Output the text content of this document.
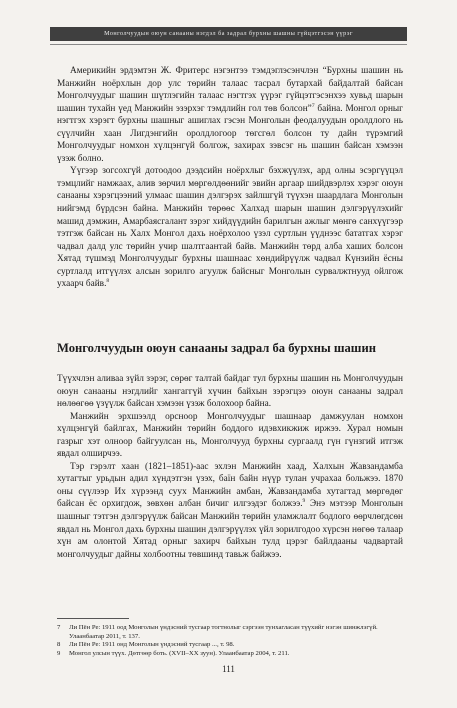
Монголчуудын оюун санааны нэгдэл ба задрал бурхны шашны гүйцэтгэсэн үүрэг

Америкийн эрдэмтэн Ж. Фритерс нэгэнтээ тэмдэглэсэнчлэн “Бурхны шашин нь Манжийн ноёрхлын дор улс төрийн талаас тасрал бутархай байдалтай байсан Монголчуудыг шашин шүтлэгийн талаас нэгтгэх үүрэг гүйцэтгэсэнхээ хувьд шарын шашин тухайн үед Манжийн эзэрхэг тэмдлийн гол төв болсон”$^7$ байна. Монгол орныг нэгтгэх хэрэгт бурхны шашныг ашиглах гэсэн Монголын феодалуудын оролдлого нь сүүлчийн хаан Лигдэнгийн оролдлогоор төгсгөл болсон ту дайн түрэмгий Монголчуудыг номхон хүлцэнгүй болгож, захирах зэвсэг нь шашин байсан хэмээн үзэж болно.

Үүгээр зогсохгүй дотоодоо дээдсийн ноёрхлыг бэхжүүлэх, ард олны эсэргүүцэл тэмцлийг намжаах, алив зөрчил мөргөлдөөнийг эвийн аргаар шийдвэрлэх хэрэг оюун санааны хэрэгцээний улмаас шашин дэлгэрэх зайлшгүй түүхэн шаардлага Монголын нийгэмд бүрдсэн байна. Манжийн төрөөс Халхад шарын шашин дэлгэрүүлэхийг машид дэмжин, Амарбаясгалант зэрэг хийдүүдийн барилгын ажлыг мөнгө санхүүгээр тэтгэж байсан нь Халх Монгол дахь ноёрхолоо үзэл суртлын үүднээс бататгах хэрэг чадвал далд улс төрийн учир шалтгаантай байв. Манжийн төрд алба хаших болсон Хятад түшмэд Монголчуудыг бурхны шашнаас хөндийрүүлж чадвал Күнзийн ёсны суртлалд итгүүлэх алсын зорилго агуулж байсныг Монголын сурвалжтнууд ойлгож ухаарч байв.$^8$

Монголчуудын оюун санааны задрал ба бурхны шашин

Түүхчлэн аливаа зүйл зэрэг, сөрөг талтай байдаг тул бурхны шашин нь Монголчуудын оюун санааны нэгдлийг хангаггүй хүчин байхын зэрэгцээ оюун санааны задрал нөлөөгөө үзүүлж байсан хэмээн үзэж болохоор байна.

Манжийн эрхшээлд орсноор Монголчуудыг шашнаар дамжуулан номхон хүлцэнгүй байлгах, Манжийн төрийн боддого идэвхикжиж иржээ. Хурал номын газрыг хэт олноор байгуулсан нь, Монголчууд бурхны сургаалд гүн гүнзгий итгэж явдал олширчээ.

Тэр гэрэлт хаан (1821–1851)-аас эхлэн Манжийн хаад, Халхын Жавзандамба хутагтыг урьдын адил хүндэтгэн үзэх, баїн байн нүүр тулан учрахаа больжээ. 1870 оны сүүлээр Их хүрээнд суух Манжийн амбан, Жавзандамба хутагтад мөргөдөг байсан ёс орхигдож, зөвхөн албан бичиг илгээдэг болжээ.$^9$ Энэ мэтээр Монголын шашныг тэтгэн дэлгэрүүлж байсан Манжийн төрийн уламжлалт бодлого өөрчлөгдсөн явдал нь Монгол дахь бурхны шашин дэлгэрүүлэх үйл зорилгодоо хүрсэн нөгөө талаар хүн ам олонтой Хятад орныг захирч байхын тулд цэрэг байлдааны чадвартай монголчуудыг дайны холбоотны төвшинд тавьж байжээ.

7	Ли Пён Ре: 1911 оод Монголын үндэсний тусгаар тогтнолыг сэргээн тунхагласан түүхийг нэгэн шинжлэгүй. Улаанбаатар 2011, т. 137.
8	Ли Пён Ре: 1911 онд Монголын үндэсний тусгаар ..., т. 98.
9	Монгол улсын түүх. Дөтгөөр боть. (XVII–XX зуун). Улаанбаатар 2004, т. 211.
111
